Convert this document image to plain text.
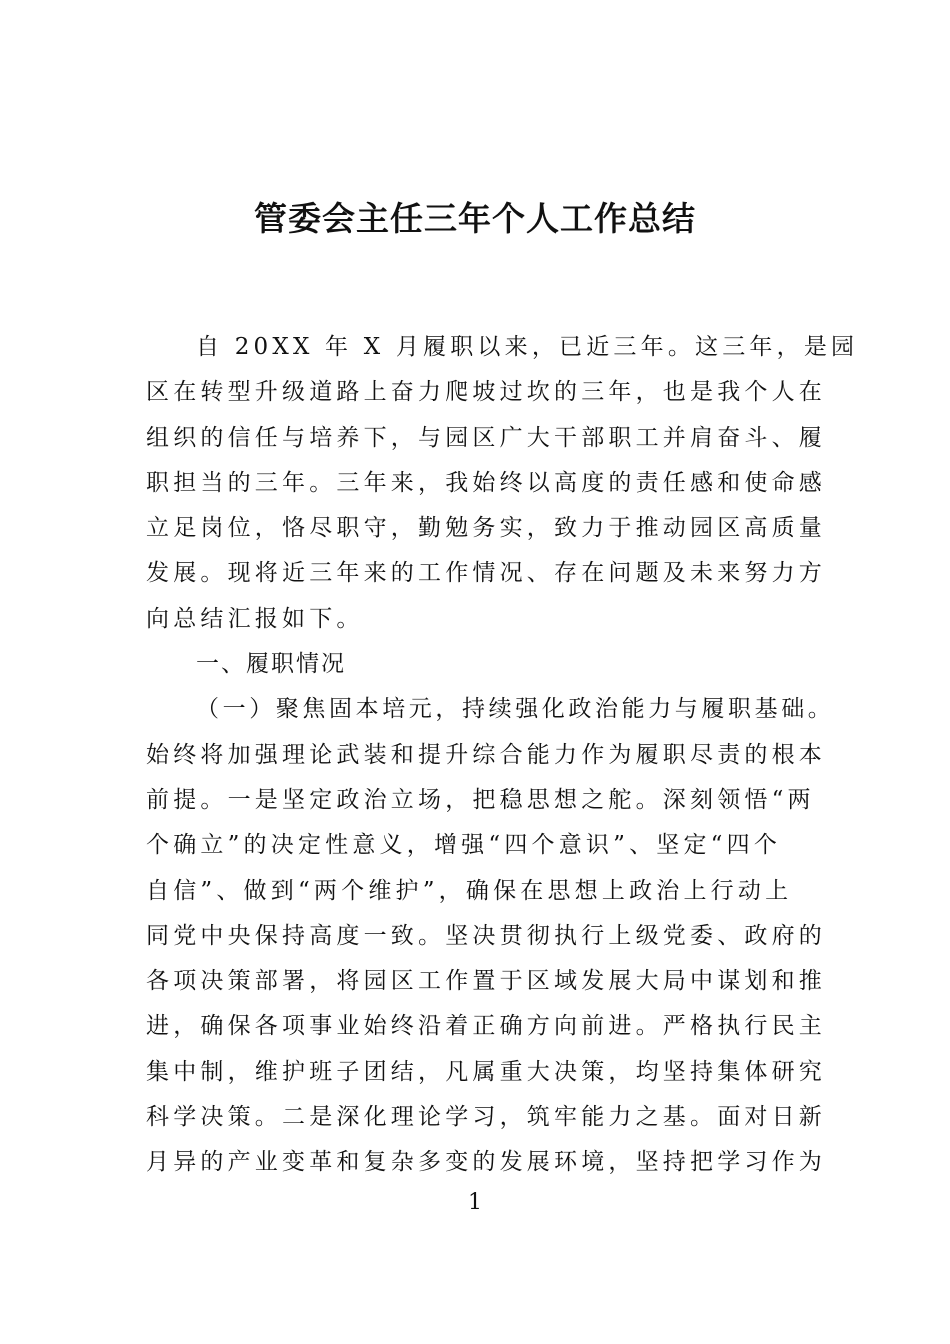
管委会主任三年个人工作总结
自 20XX 年 X 月履职以来，已近三年。这三年，是园
区在转型升级道路上奋力爬坡过坎的三年，也是我个人在
组织的信任与培养下，与园区广大干部职工并肩奋斗、履
职担当的三年。三年来，我始终以高度的责任感和使命感
立足岗位，恪尽职守，勤勉务实，致力于推动园区高质量
发展。现将近三年来的工作情况、存在问题及未来努力方
向总结汇报如下。
一、履职情况
（一）聚焦固本培元，持续强化政治能力与履职基础。
始终将加强理论武装和提升综合能力作为履职尽责的根本
前提。一是坚定政治立场，把稳思想之舵。深刻领悟“两
个确立”的决定性意义，增强“四个意识”、坚定“四个
自信”、做到“两个维护”，确保在思想上政治上行动上
同党中央保持高度一致。坚决贯彻执行上级党委、政府的
各项决策部署，将园区工作置于区域发展大局中谋划和推
进，确保各项事业始终沿着正确方向前进。严格执行民主
集中制，维护班子团结，凡属重大决策，均坚持集体研究
科学决策。二是深化理论学习，筑牢能力之基。面对日新
月异的产业变革和复杂多变的发展环境，坚持把学习作为
1
